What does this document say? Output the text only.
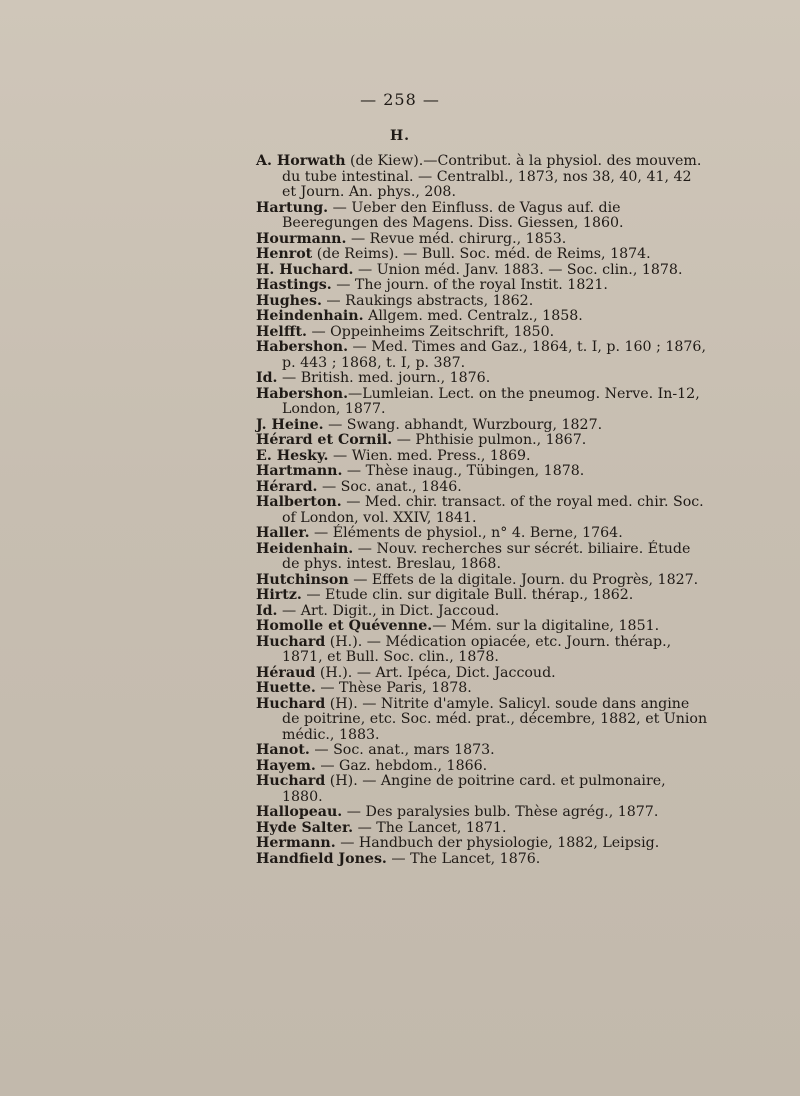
— 258 —
H.

A. Horwath (de Kiew).—Contribut. à la physiol. des mouvem. du tube intestinal. — Centralbl., 1873, nos 38, 40, 41, 42 et Journ. An. phys., 208.

Hartung. — Ueber den Einfluss. de Vagus auf. die Beeregungen des Magens. Diss. Giessen, 1860.

Hourmann. — Revue méd. chirurg., 1853.

Henrot (de Reims). — Bull. Soc. méd. de Reims, 1874.

H. Huchard. — Union méd. Janv. 1883. — Soc. clin., 1878.

Hastings. — The journ. of the royal Instit. 1821.

Hughes. — Raukings abstracts, 1862.

Heindenhain. Allgem. med. Centralz., 1858.

Helfft. — Oppeinheims Zeitschrift, 1850.

Habershon. — Med. Times and Gaz., 1864, t. I, p. 160 ; 1876, p. 443 ; 1868, t. I, p. 387.

Id. — British. med. journ., 1876.

Habershon.—Lumleian. Lect. on the pneumog. Nerve. In-12, London, 1877.

J. Heine. — Swang. abhandt, Wurzbourg, 1827.

Hérard et Cornil. — Phthisie pulmon., 1867.

E. Hesky. — Wien. med. Press., 1869.

Hartmann. — Thèse inaug., Tübingen, 1878.

Hérard. — Soc. anat., 1846.

Halberton. — Med. chir. transact. of the royal med. chir. Soc. of London, vol. XXIV, 1841.

Haller. — Éléments de physiol., n° 4. Berne, 1764.

Heidenhain. — Nouv. recherches sur sécrét. biliaire. Étude de phys. intest. Breslau, 1868.

Hutchinson — Effets de la digitale. Journ. du Progrès, 1827.

Hirtz. — Etude clin. sur digitale Bull. thérap., 1862.

Id. — Art. Digit., in Dict. Jaccoud.

Homolle et Quévenne.— Mém. sur la digitaline, 1851.

Huchard (H.). — Médication opiacée, etc. Journ. thérap., 1871, et Bull. Soc. clin., 1878.

Héraud (H.). — Art. Ipéca, Dict. Jaccoud.

Huette. — Thèse Paris, 1878.

Huchard (H). — Nitrite d'amyle. Salicyl. soude dans angine de poitrine, etc. Soc. méd. prat., décembre, 1882, et Union médic., 1883.

Hanot. — Soc. anat., mars 1873.

Hayem. — Gaz. hebdom., 1866.

Huchard (H). — Angine de poitrine card. et pulmonaire, 1880.

Hallopeau. — Des paralysies bulb. Thèse agrég., 1877.

Hyde Salter. — The Lancet, 1871.

Hermann. — Handbuch der physiologie, 1882, Leipsig.

Handfield Jones. — The Lancet, 1876.
